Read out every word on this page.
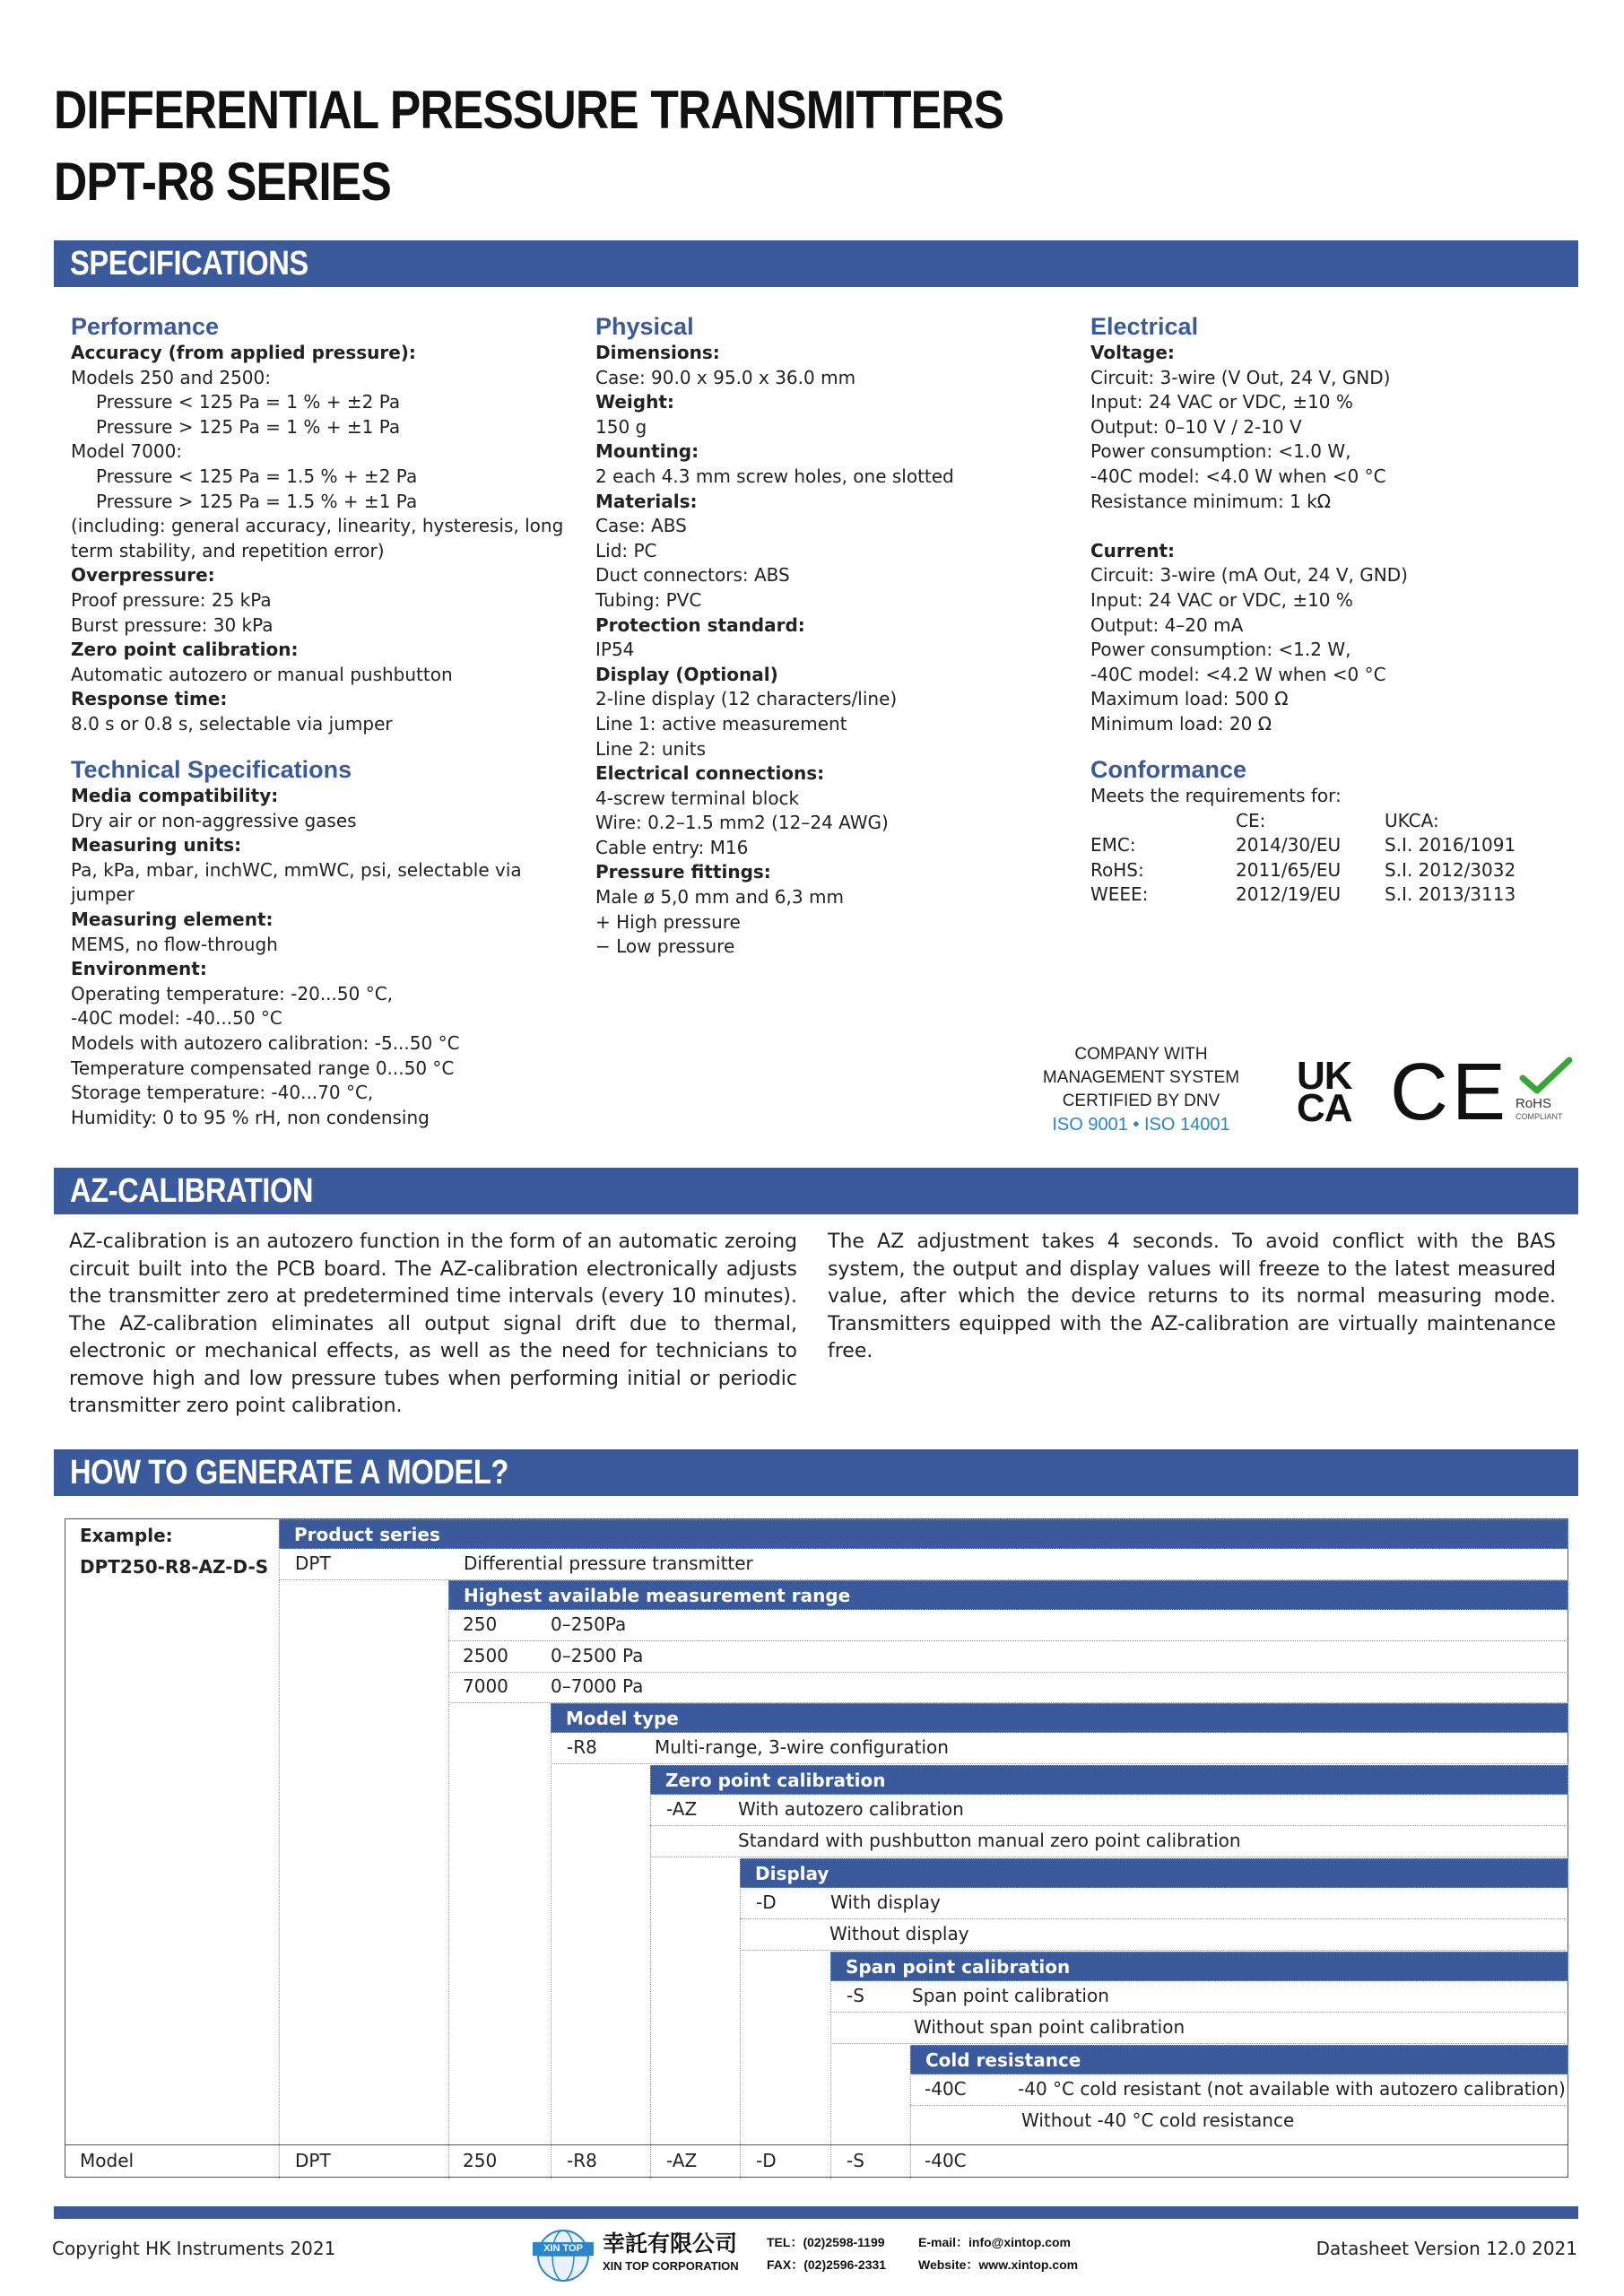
DIFFERENTIAL PRESSURE TRANSMITTERS
DPT-R8 SERIES
SPECIFICATIONS
Performance
Accuracy (from applied pressure):
Models 250 and 2500:
Pressure < 125 Pa = 1 % + ±2 Pa
Pressure > 125 Pa = 1 % + ±1 Pa
Model 7000:
Pressure < 125 Pa = 1.5 % + ±2 Pa
Pressure > 125 Pa = 1.5 % + ±1 Pa
(including: general accuracy, linearity, hysteresis, long
term stability, and repetition error)
Overpressure:
Proof pressure: 25 kPa
Burst pressure: 30 kPa
Zero point calibration:
Automatic autozero or manual pushbutton
Response time:
8.0 s or 0.8 s, selectable via jumper
Technical Specifications
Media compatibility:
Dry air or non-aggressive gases
Measuring units:
Pa, kPa, mbar, inchWC, mmWC, psi, selectable via
jumper
Measuring element:
MEMS, no flow-through
Environment:
Operating temperature: -20...50 °C,
-40C model: -40...50 °C
Models with autozero calibration: -5...50 °C
Temperature compensated range 0...50 °C
Storage temperature: -40...70 °C,
Humidity: 0 to 95 % rH, non condensing
Physical
Dimensions:
Case: 90.0 x 95.0 x 36.0 mm
Weight:
150 g
Mounting:
2 each 4.3 mm screw holes, one slotted
Materials:
Case: ABS
Lid: PC
Duct connectors: ABS
Tubing: PVC
Protection standard:
IP54
Display (Optional)
2-line display (12 characters/line)
Line 1: active measurement
Line 2: units
Electrical connections:
4-screw terminal block
Wire: 0.2–1.5 mm2 (12–24 AWG)
Cable entry: M16
Pressure fittings:
Male ø 5,0 mm and 6,3 mm
+ High pressure
− Low pressure
Electrical
Voltage:
Circuit: 3-wire (V Out, 24 V, GND)
Input: 24 VAC or VDC, ±10 %
Output: 0–10 V / 2-10 V
Power consumption: <1.0 W,
-40C model: <4.0 W when <0 °C
Resistance minimum: 1 kΩ
Current:
Circuit: 3-wire (mA Out, 24 V, GND)
Input: 24 VAC or VDC, ±10 %
Output: 4–20 mA
Power consumption: <1.2 W,
-40C model: <4.2 W when <0 °C
Maximum load: 500 Ω
Minimum load: 20 Ω
Conformance
Meets the requirements for:
	CE:	UKCA:
EMC:	2014/30/EU	S.I. 2016/1091
RoHS:	2011/65/EU	S.I. 2012/3032
WEEE:	2012/19/EU	S.I. 2013/3113
COMPANY WITH
MANAGEMENT SYSTEM
CERTIFIED BY DNV
ISO 9001 • ISO 14001
UK
CA CE RoHS
COMPLIANT
AZ-CALIBRATION
AZ-calibration is an autozero function in the form of an automatic zeroing circuit built into the PCB board. The AZ-calibration electronically adjusts the transmitter zero at predetermined time intervals (every 10 minutes). The AZ-calibration eliminates all output signal drift due to thermal, electronic or mechanical effects, as well as the need for technicians to remove high and low pressure tubes when performing initial or periodic transmitter zero point calibration.
The AZ adjustment takes 4 seconds. To avoid conflict with the BAS system, the output and display values will freeze to the latest measured value, after which the device returns to its normal measuring mode. Transmitters equipped with the AZ-calibration are virtually maintenance free.
HOW TO GENERATE A MODEL?
Example:
DPT250-R8-AZ-D-S
Product series
DPT	Differential pressure transmitter
Highest available measurement range
250	0–250Pa
2500 0–2500 Pa
7000 0–7000 Pa
Model type
-R8	Multi-range, 3-wire configuration
Zero point calibration
-AZ With autozero calibration
Standard with pushbutton manual zero point calibration
Display
-D	With display
Without display
Span point calibration
-S	Span point calibration
Without span point calibration
Cold resistance
-40C	-40 °C cold resistant (not available with autozero calibration)
Without -40 °C cold resistance
Model	DPT	250	-R8	-AZ	-D	-S	-40C
Copyright HK Instruments 2021	XIN TOP 幸託有限公司
XIN TOP CORPORATION
TEL：(02)2598-1199
FAX：(02)2596-2331
E-mail：info@xintop.com
Website：www.xintop.com
Datasheet Version 12.0 2021
